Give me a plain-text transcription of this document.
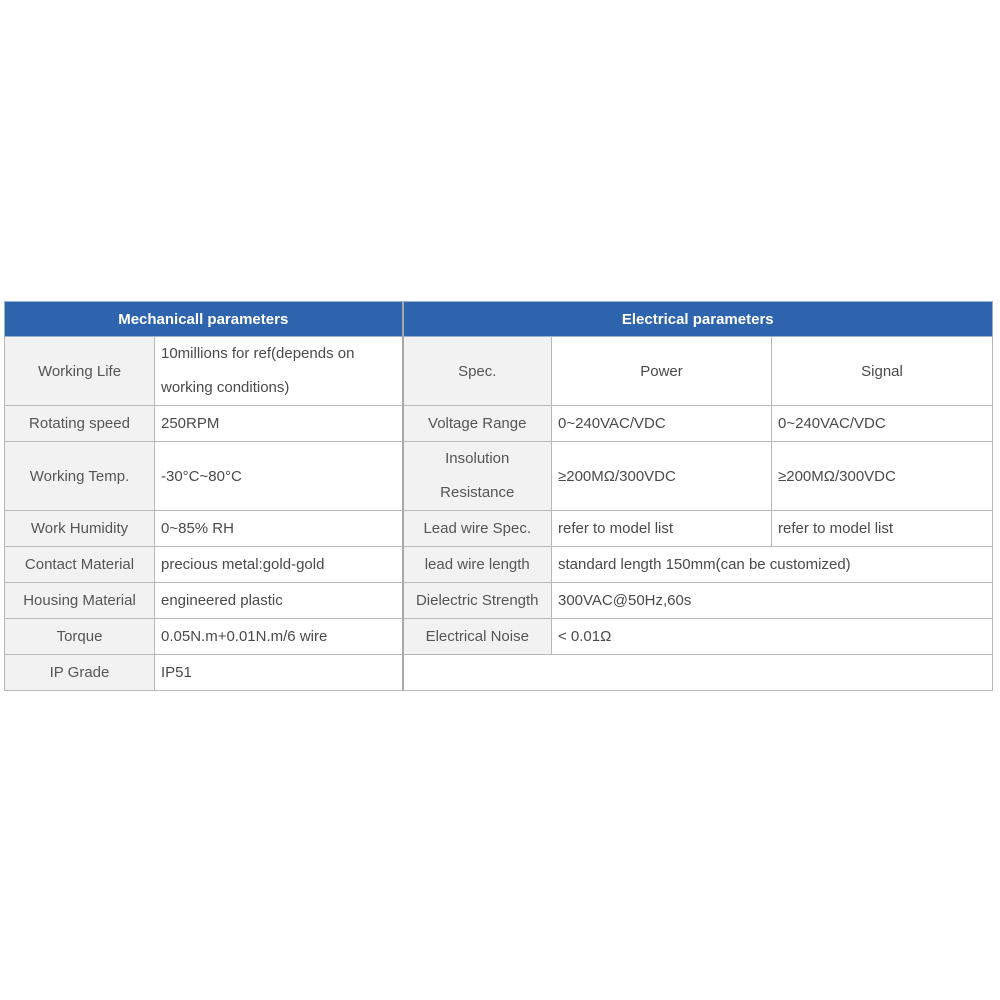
Mechanicall parameters		Electrical parameters		
Working Life	10millions for ref(depends on working conditions)	Spec.	Power	Signal
Rotating speed	250RPM	Voltage Range	0~240VAC/VDC	0~240VAC/VDC
Working Temp.	-30°C~80°C	Insolution Resistance	≥200MΩ/300VDC	≥200MΩ/300VDC
Work Humidity	0~85% RH	Lead wire Spec.	refer to model list	refer to model list
Contact Material	precious metal:gold-gold	lead wire length	standard length 150mm(can be customized)	
Housing Material	engineered plastic	Dielectric Strength	300VAC@50Hz,60s	
Torque	0.05N.m+0.01N.m/6 wire	Electrical Noise	< 0.01Ω	
IP Grade	IP51			
